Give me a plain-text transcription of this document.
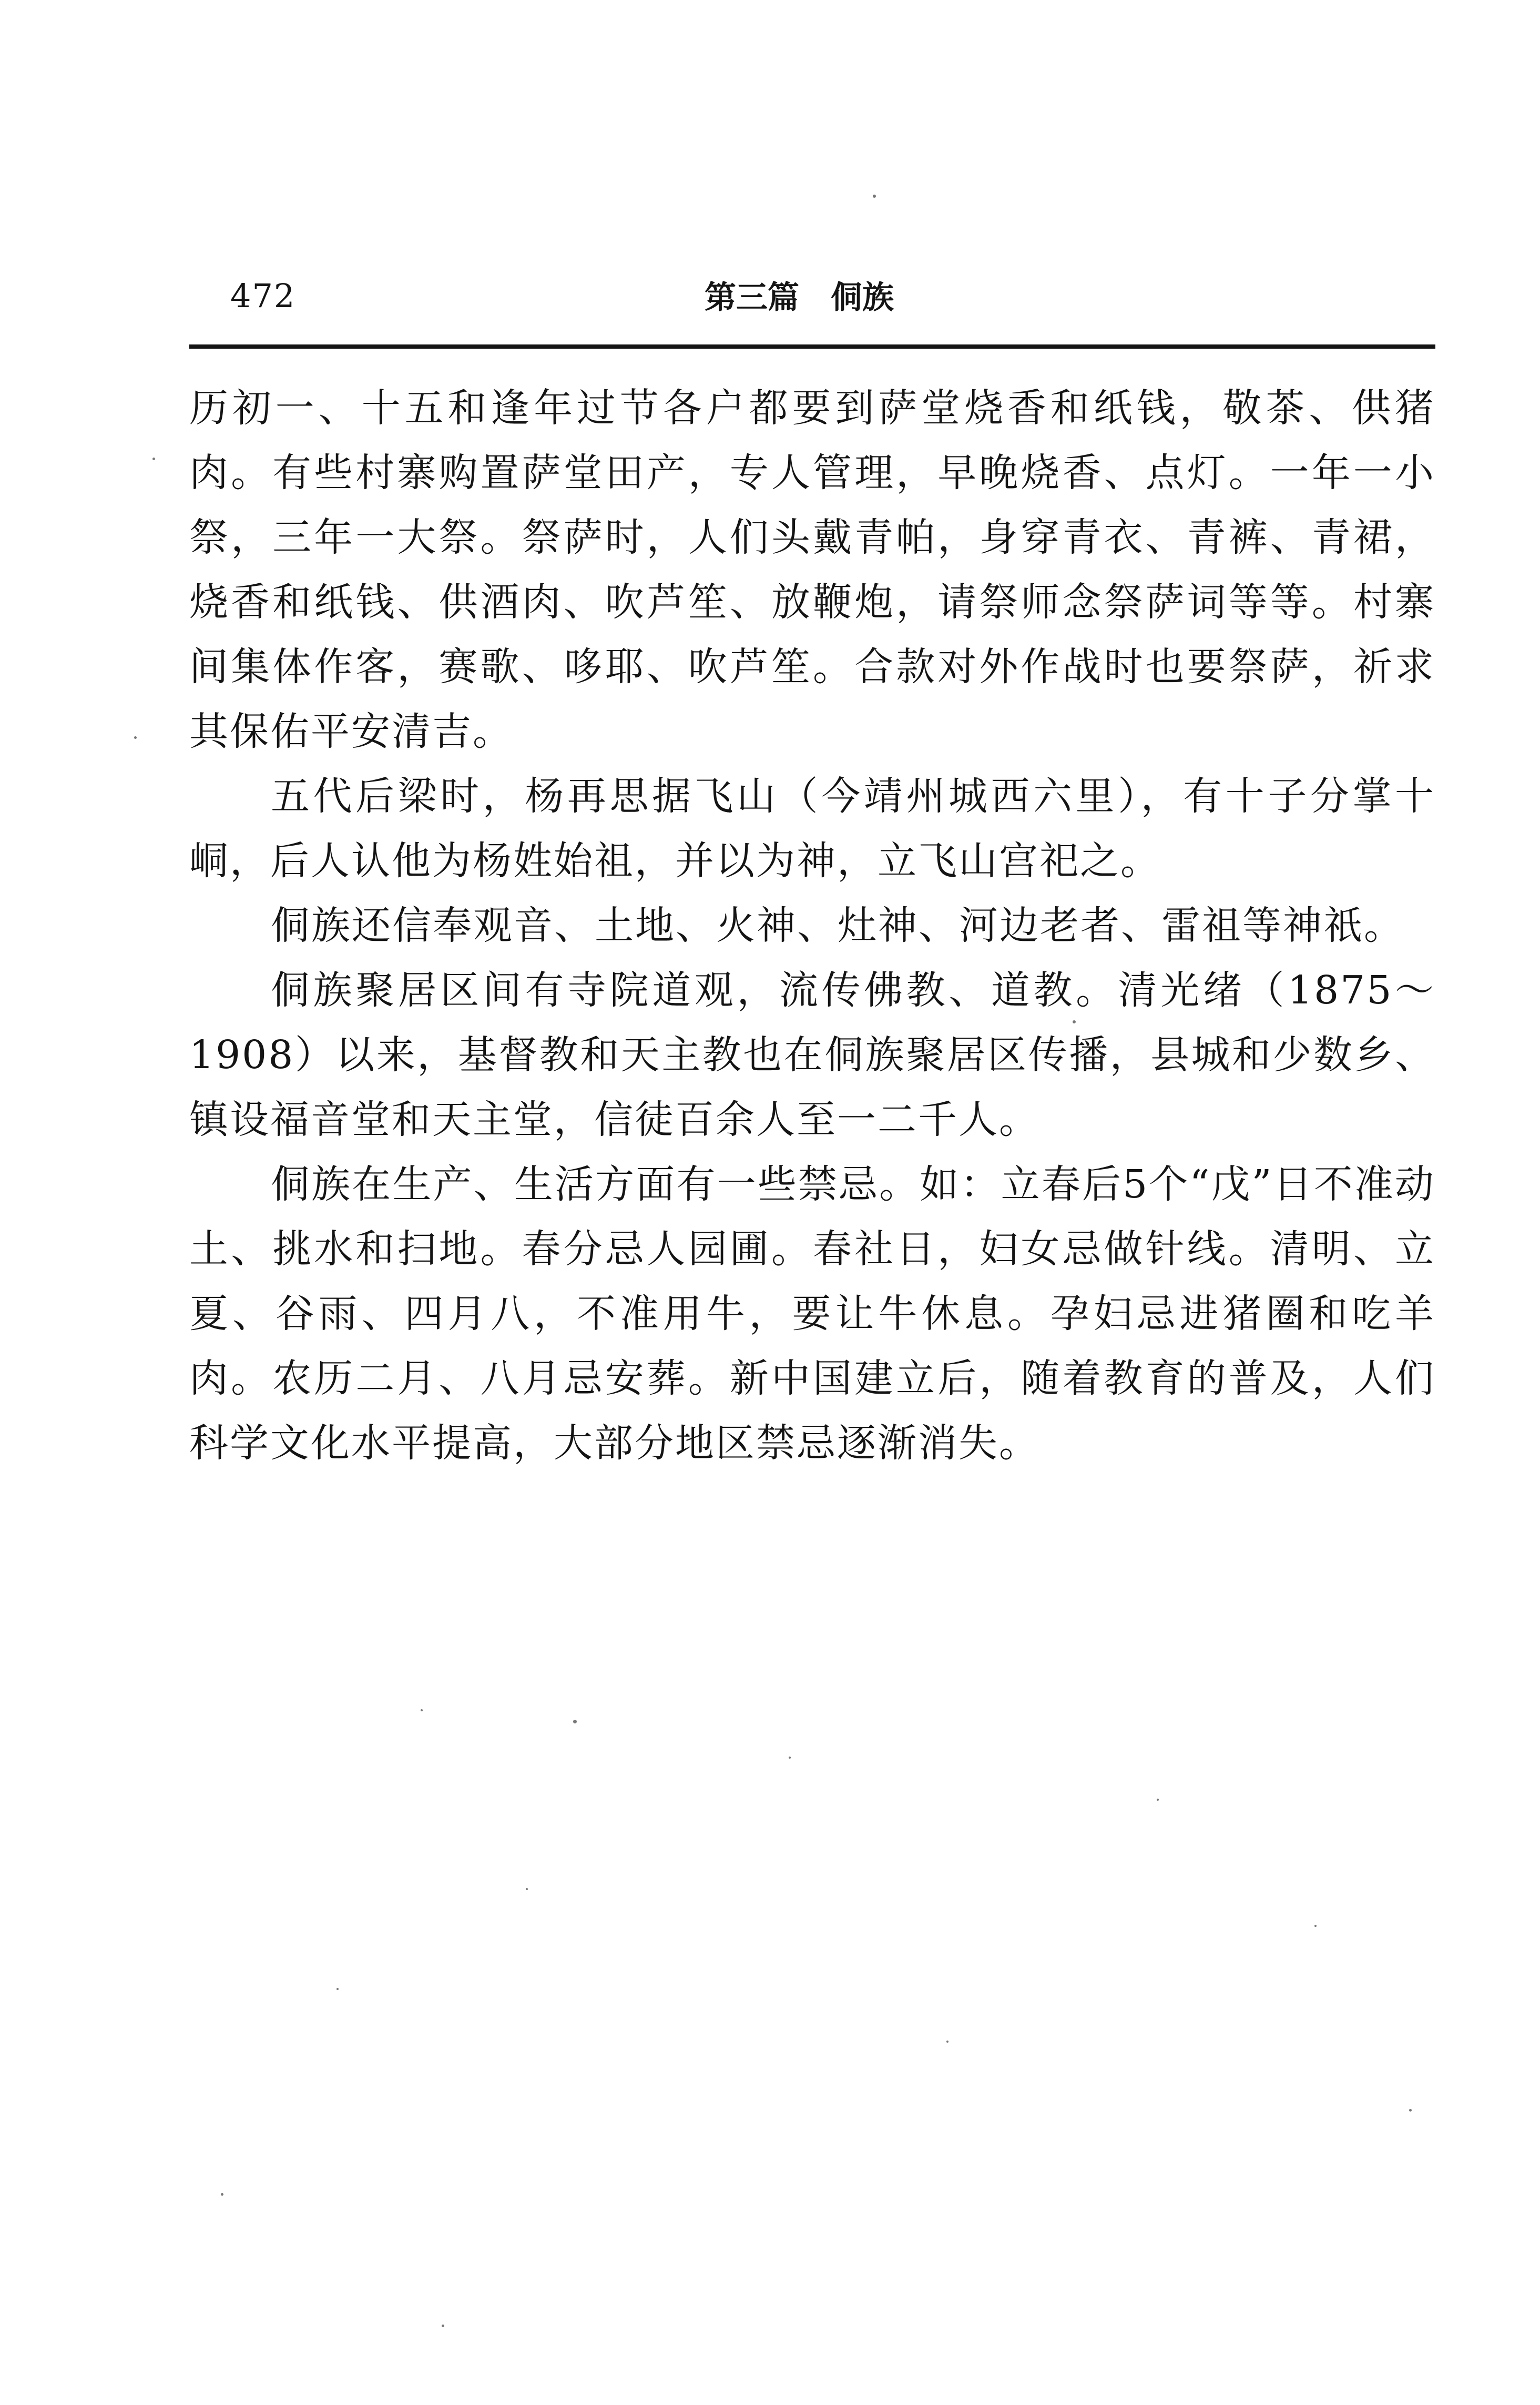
472	第三篇　侗族

历初一、十五和逢年过节各户都要到萨堂烧香和纸钱，敬茶、供猪肉。有些村寨购置萨堂田产，专人管理，早晚烧香、点灯。一年一小祭，三年一大祭。祭萨时，人们头戴青帕，身穿青衣、青裤、青裙，烧香和纸钱、供酒肉、吹芦笙、放鞭炮，请祭师念祭萨词等等。村寨间集体作客，赛歌、哆耶、吹芦笙。合款对外作战时也要祭萨，祈求其保佑平安清吉。

五代后梁时，杨再思据飞山（今靖州城西六里），有十子分掌十峒，后人认他为杨姓始祖，并以为神，立飞山宫祀之。

侗族还信奉观音、土地、火神、灶神、河边老者、雷祖等神祇。

侗族聚居区间有寺院道观，流传佛教、道教。清光绪（1875～1908）以来，基督教和天主教也在侗族聚居区传播，县城和少数乡、镇设福音堂和天主堂，信徒百余人至一二千人。

侗族在生产、生活方面有一些禁忌。如：立春后5个“戊”日不准动土、挑水和扫地。春分忌人园圃。春社日，妇女忌做针线。清明、立夏、谷雨、四月八，不准用牛，要让牛休息。孕妇忌进猪圈和吃羊肉。农历二月、八月忌安葬。新中国建立后，随着教育的普及，人们科学文化水平提高，大部分地区禁忌逐渐消失。
